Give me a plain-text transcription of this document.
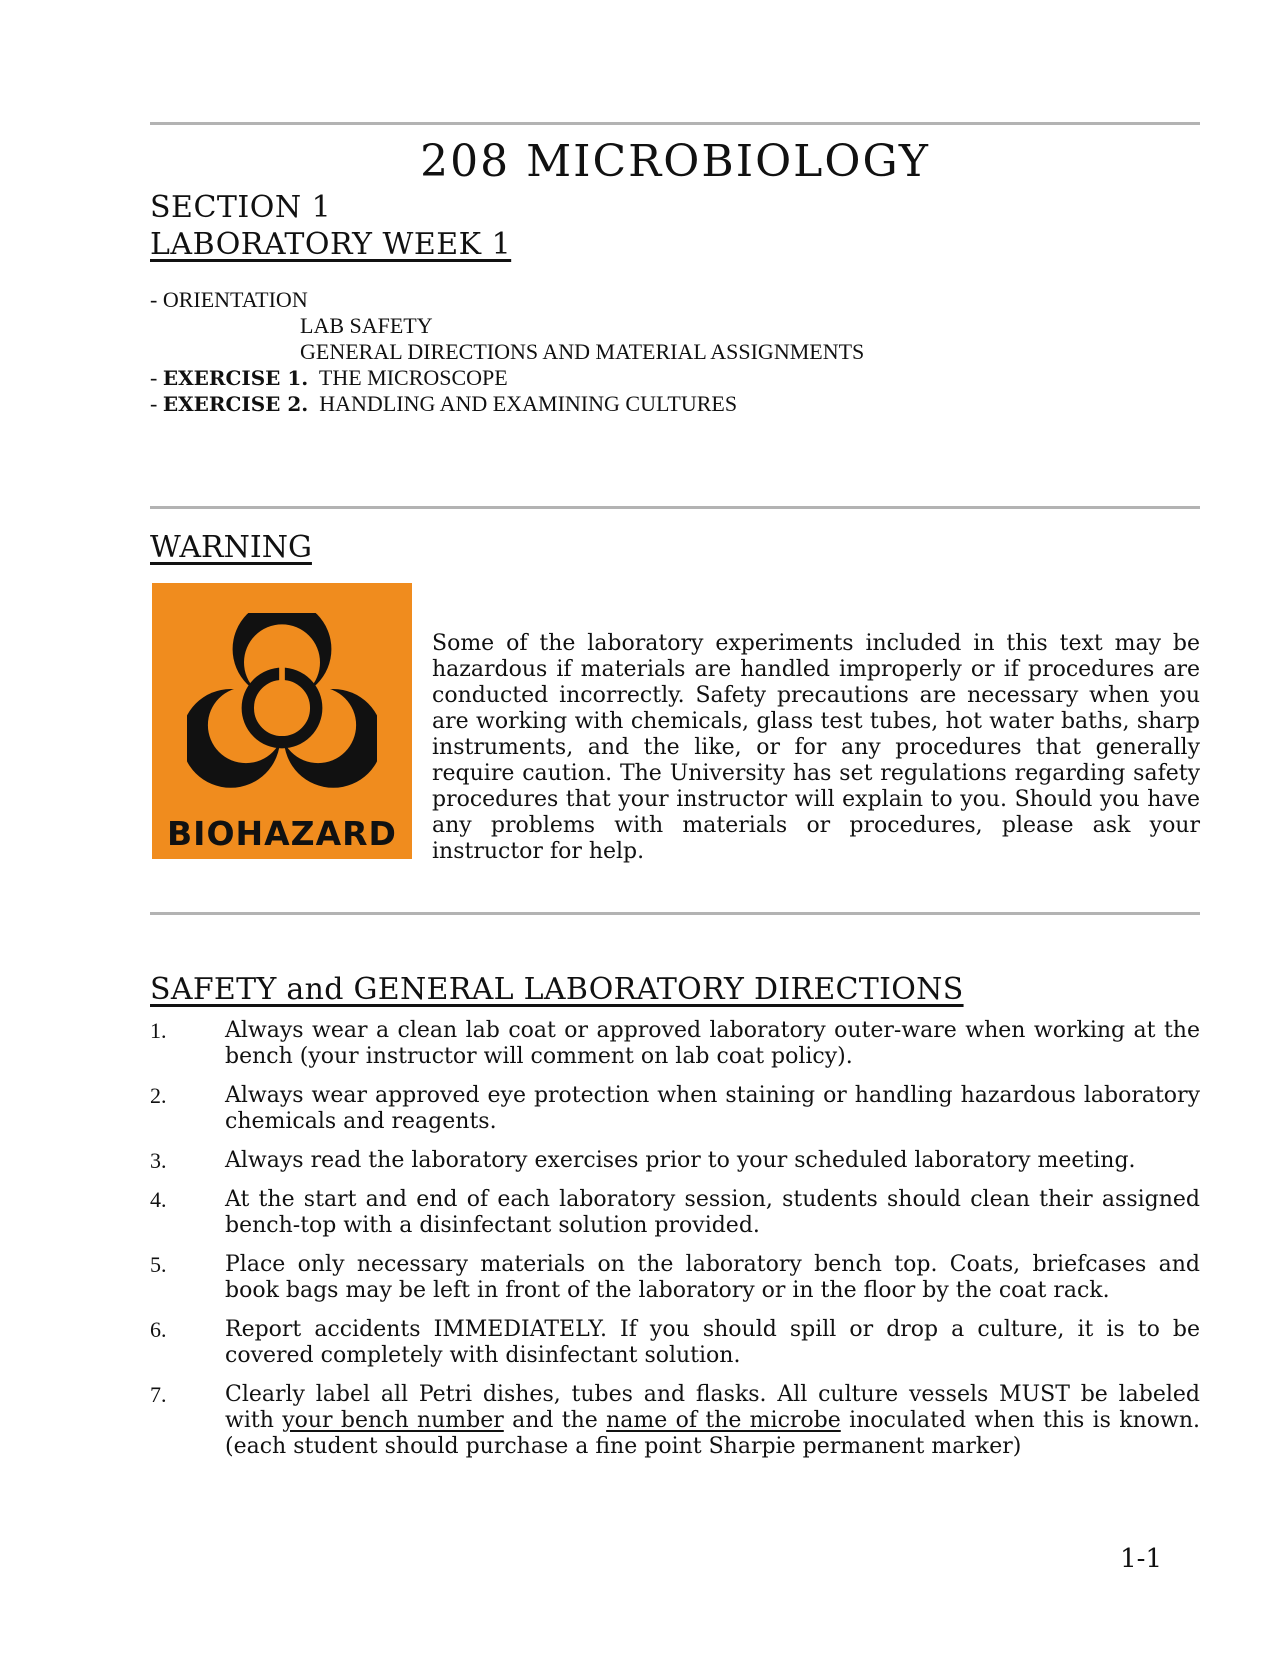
208 MICROBIOLOGY
SECTION 1
LABORATORY WEEK 1
- ORIENTATION
LAB SAFETY
GENERAL DIRECTIONS AND MATERIAL ASSIGNMENTS
- EXERCISE 1. THE MICROSCOPE
- EXERCISE 2. HANDLING AND EXAMINING CULTURES
WARNING
BIOHAZARD

Some of the laboratory experiments included in this text may be hazardous if materials are handled improperly or if procedures are conducted incorrectly. Safety precautions are necessary when you are working with chemicals, glass test tubes, hot water baths, sharp instruments, and the like, or for any procedures that generally require caution. The University has set regulations regarding safety procedures that your instructor will explain to you. Should you have any problems with materials or procedures, please ask your instructor for help.

SAFETY and GENERAL LABORATORY DIRECTIONS
1.	Always wear a clean lab coat or approved laboratory outer-ware when working at the bench (your instructor will comment on lab coat policy).
2.	Always wear approved eye protection when staining or handling hazardous laboratory chemicals and reagents.
3.	Always read the laboratory exercises prior to your scheduled laboratory meeting.
4.	At the start and end of each laboratory session, students should clean their assigned bench-top with a disinfectant solution provided.
5.	Place only necessary materials on the laboratory bench top. Coats, briefcases and book bags may be left in front of the laboratory or in the floor by the coat rack.
6.	Report accidents IMMEDIATELY. If you should spill or drop a culture, it is to be covered completely with disinfectant solution.
7.	Clearly label all Petri dishes, tubes and flasks. All culture vessels MUST be labeled with your bench number and the name of the microbe inoculated when this is known. (each student should purchase a fine point Sharpie permanent marker)
1-1
